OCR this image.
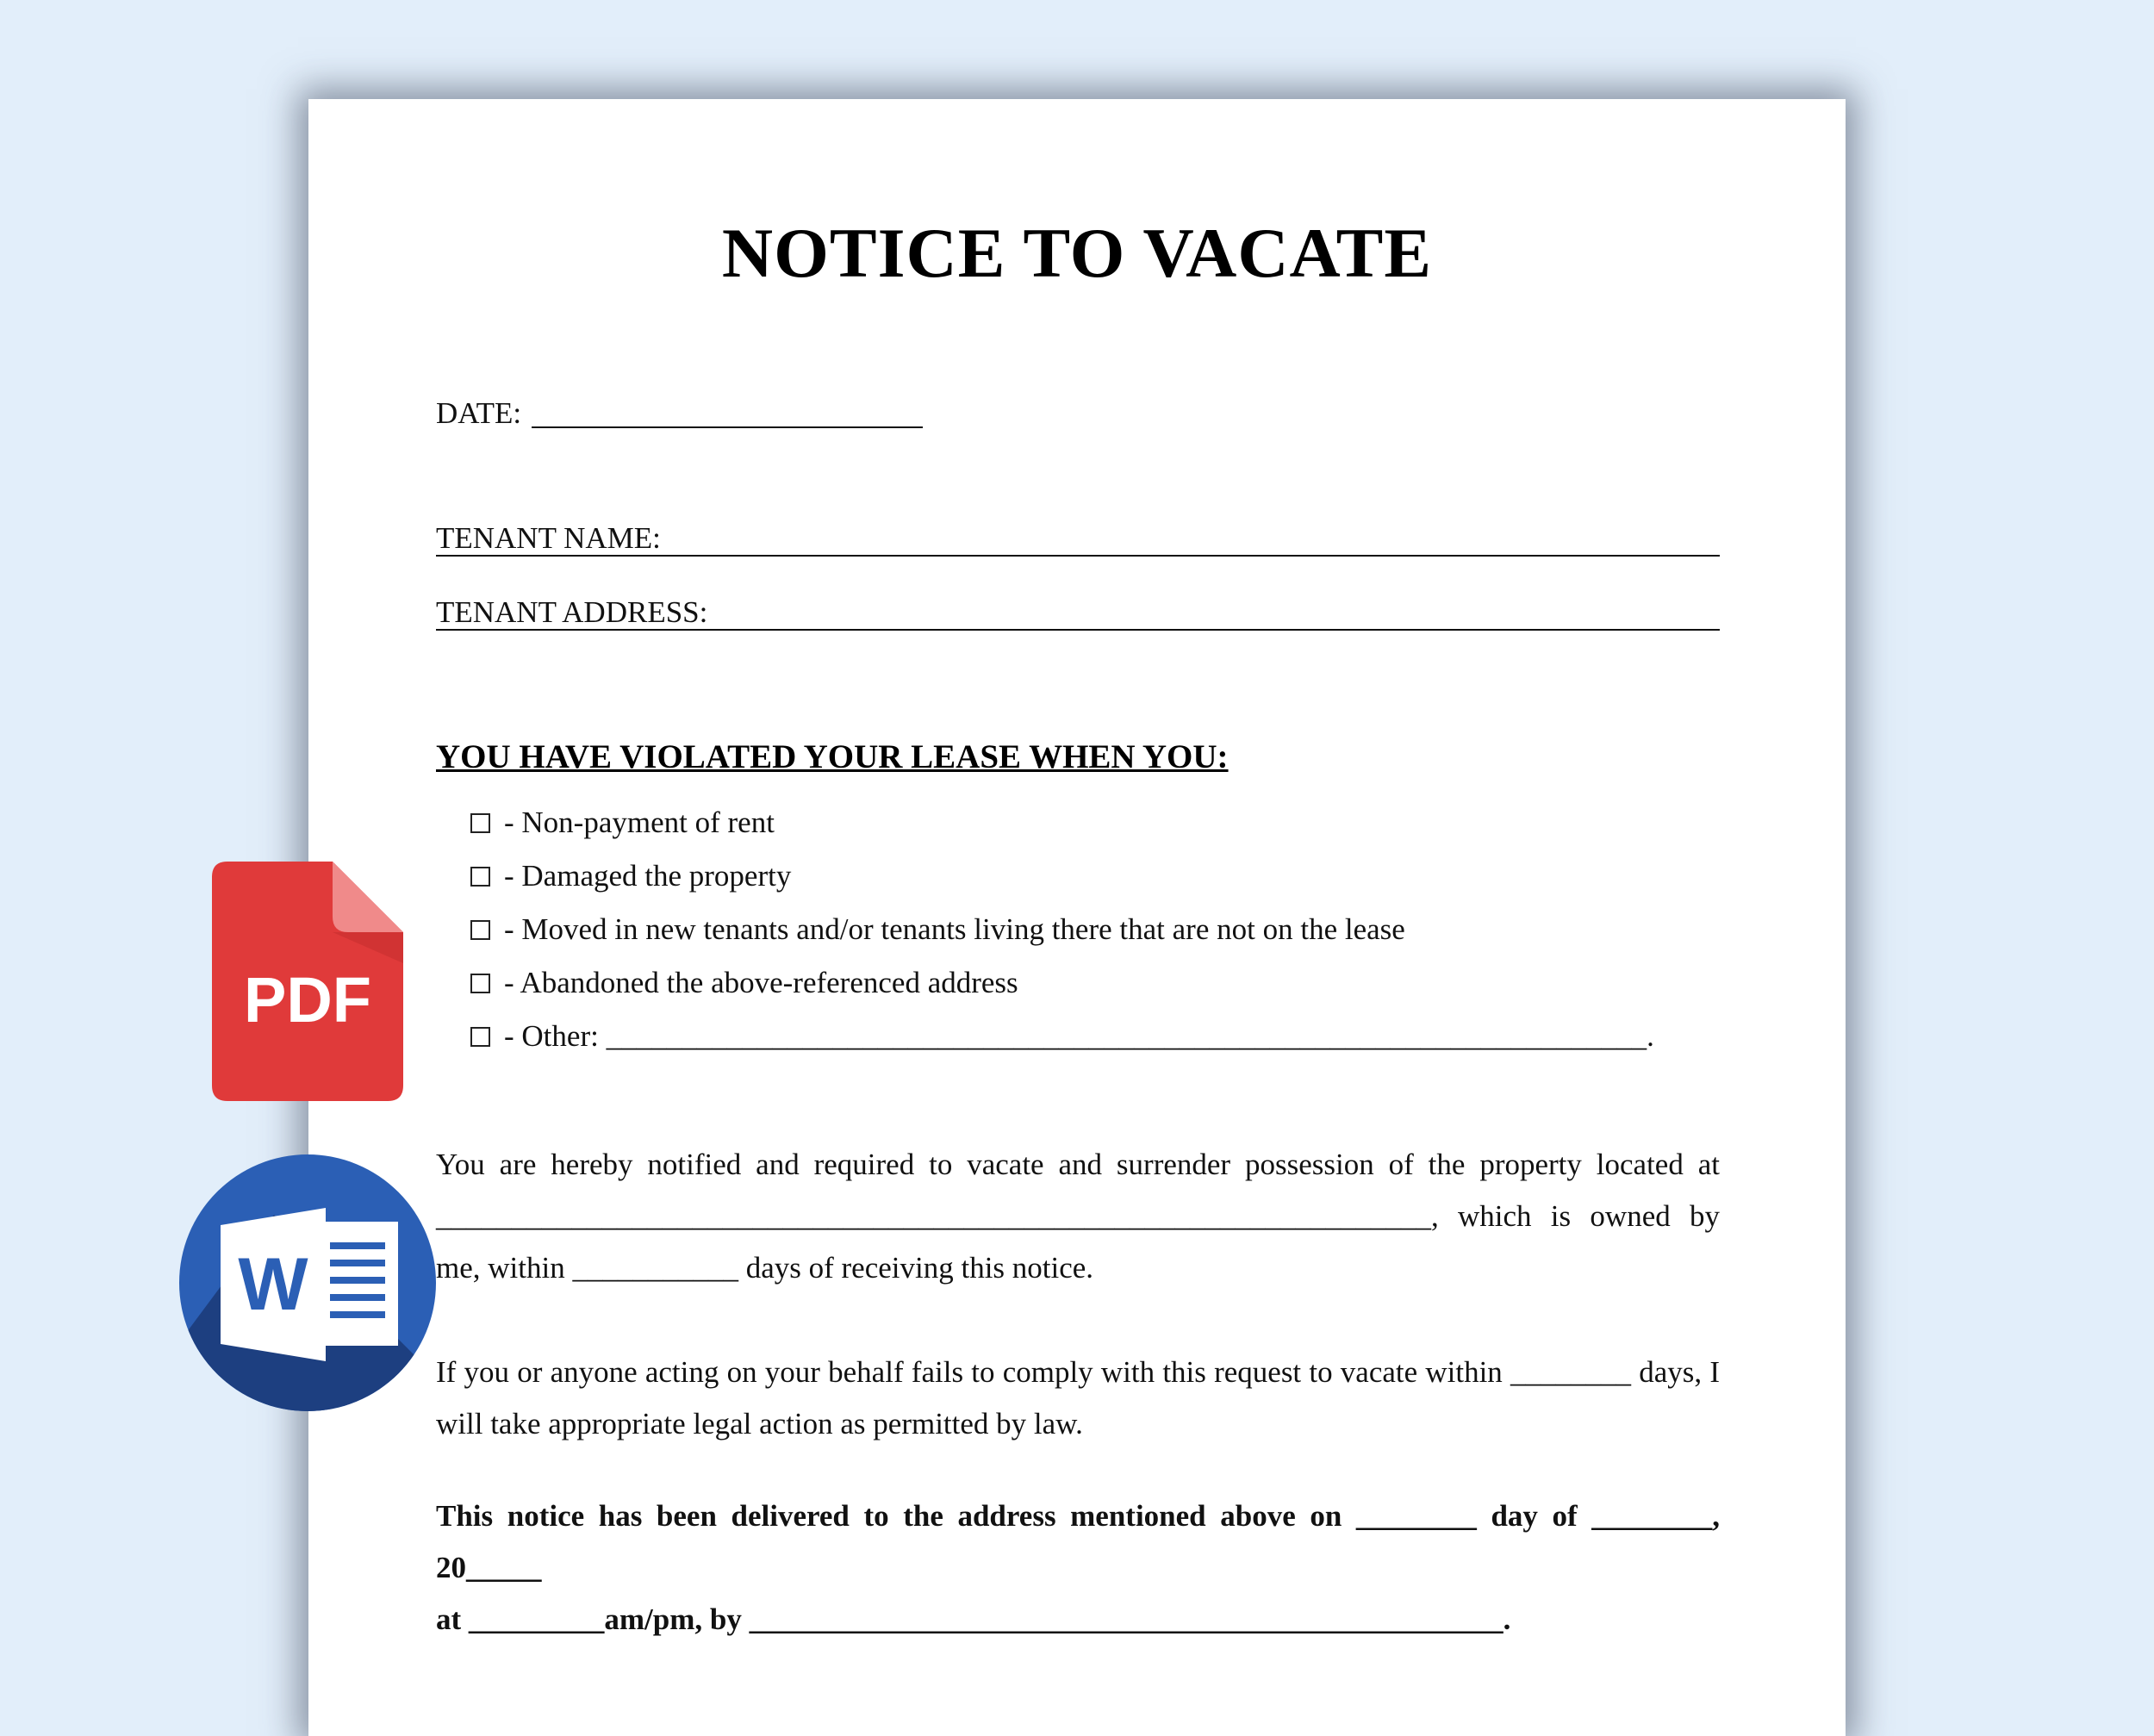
NOTICE TO VACATE
DATE:
TENANT NAME:
TENANT ADDRESS:
YOU HAVE VIOLATED YOUR LEASE WHEN YOU:
- Non-payment of rent
- Damaged the property
- Moved in new tenants and/or tenants living there that are not on the lease
- Abandoned the above-referenced address
- Other: _____________________________________________________________________.
You are hereby notified and required to vacate and surrender possession of the property located at
__________________________________________________________________, which is owned by
me, within ___________ days of receiving this notice.
If you or anyone acting on your behalf fails to comply with this request to vacate within ________ days, I
will take appropriate legal action as permitted by law.
This notice has been delivered to the address mentioned above on ________ day of ________, 20_____
at _________am/pm, by __________________________________________________.
PDF
W
